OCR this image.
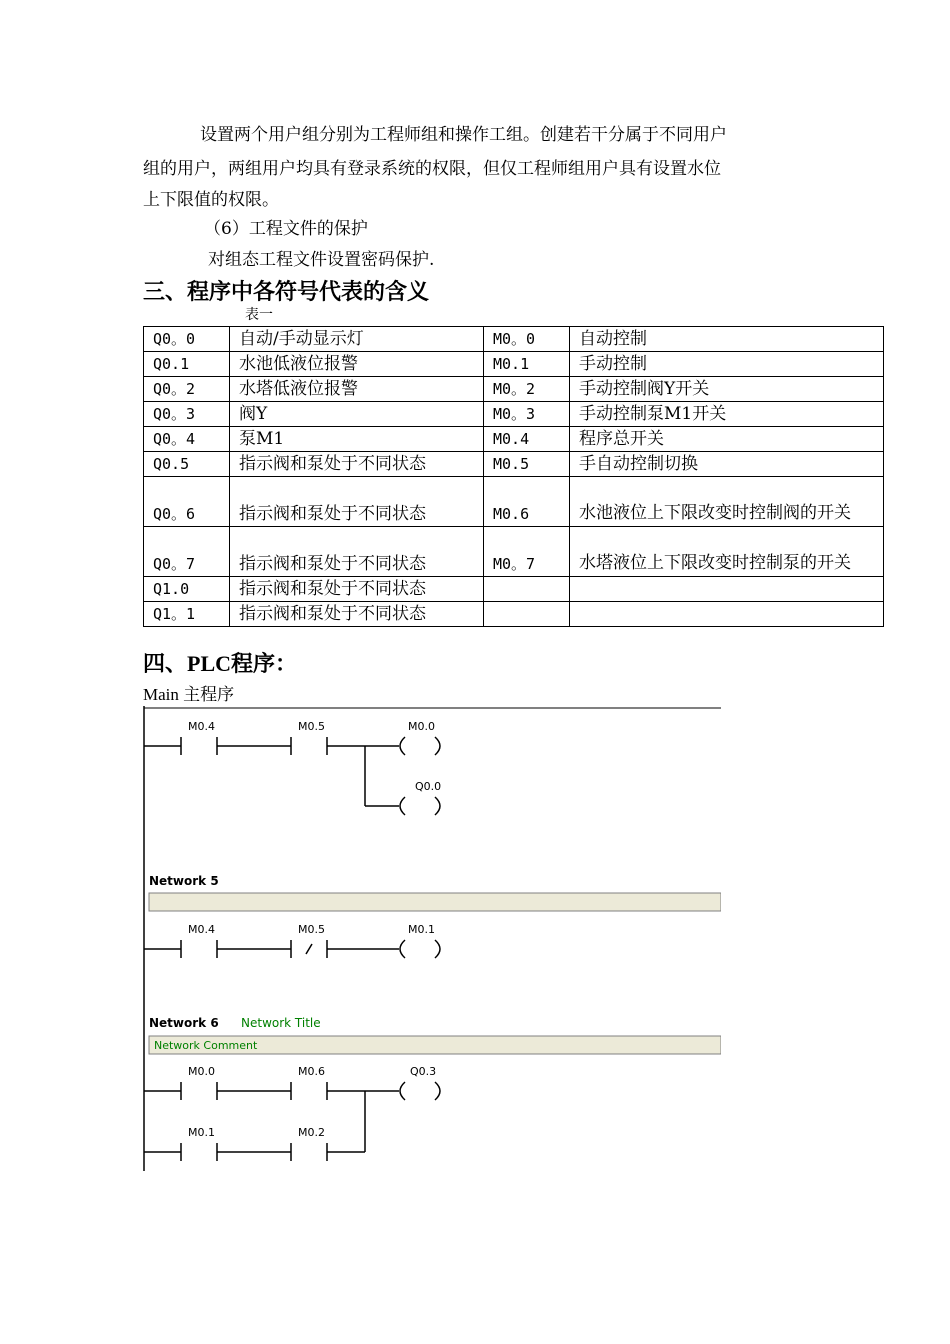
设置两个用户组分别为工程师组和操作工组。创建若干分属于不同用户
组的用户，两组用户均具有登录系统的权限，但仅工程师组用户具有设置水位
上下限值的权限。
（6）工程文件的保护
对组态工程文件设置密码保护.
三、程序中各符号代表的含义
表一
Q0。0	自动/手动显示灯	M0。0	自动控制
Q0.1	水池低液位报警	M0.1	手动控制
Q0。2	水塔低液位报警	M0。2	手动控制阀Y开关
Q0。3	阀Y	M0。3	手动控制泵M1开关
Q0。4	泵M1	M0.4	程序总开关
Q0.5	指示阀和泵处于不同状态	M0.5	手自动控制切换
Q0。6	指示阀和泵处于不同状态	M0.6	水池液位上下限改变时控制阀的开关
Q0。7	指示阀和泵处于不同状态	M0。7	水塔液位上下限改变时控制泵的开关
Q1.0	指示阀和泵处于不同状态		
Q1。1	指示阀和泵处于不同状态		
四、PLC程序：
Main 主程序
M0.4	M0.5	M0.0
Q0.0
Network 5
M0.4	M0.5	M0.1
Network 6 Network Title
Network Comment
M0.0	M0.6	Q0.3
M0.1	M0.2
